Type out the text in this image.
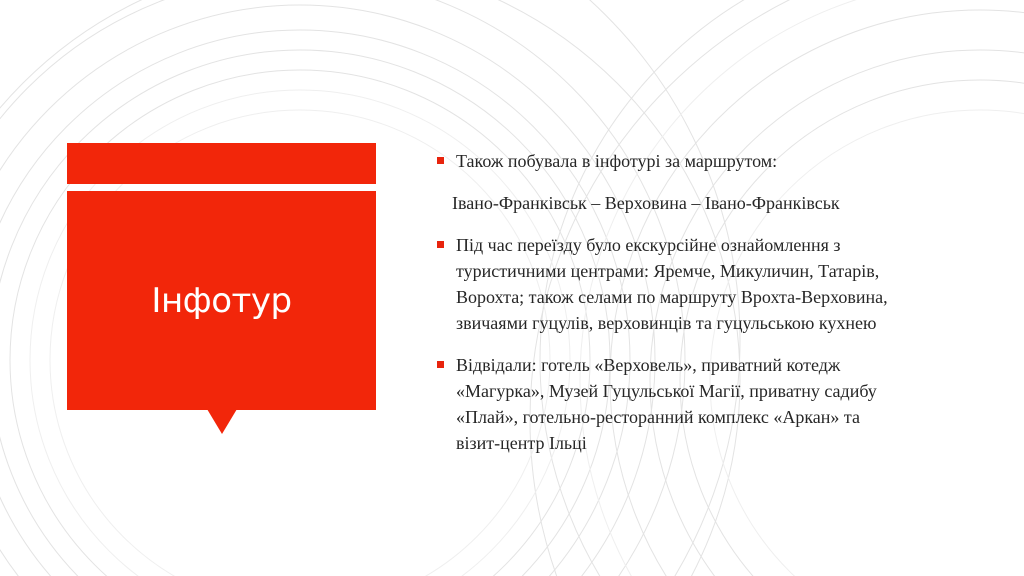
Інфотур
Також побувала в інфотурі за маршрутом:
Івано-Франківськ – Верховина – Івано-Франківськ
Під час переїзду було екскурсійне ознайомлення з
туристичними центрами: Яремче, Микуличин, Татарів,
Ворохта; також селами по маршруту Врохта-Верховина,
звичаями гуцулів, верховинців та гуцульською кухнею
Відвідали: готель «Верховель», приватний котедж
«Магурка», Музей Гуцульської Магії, приватну садибу
«Плай», готельно-ресторанний комплекс «Аркан» та
візит-центр Ільці
